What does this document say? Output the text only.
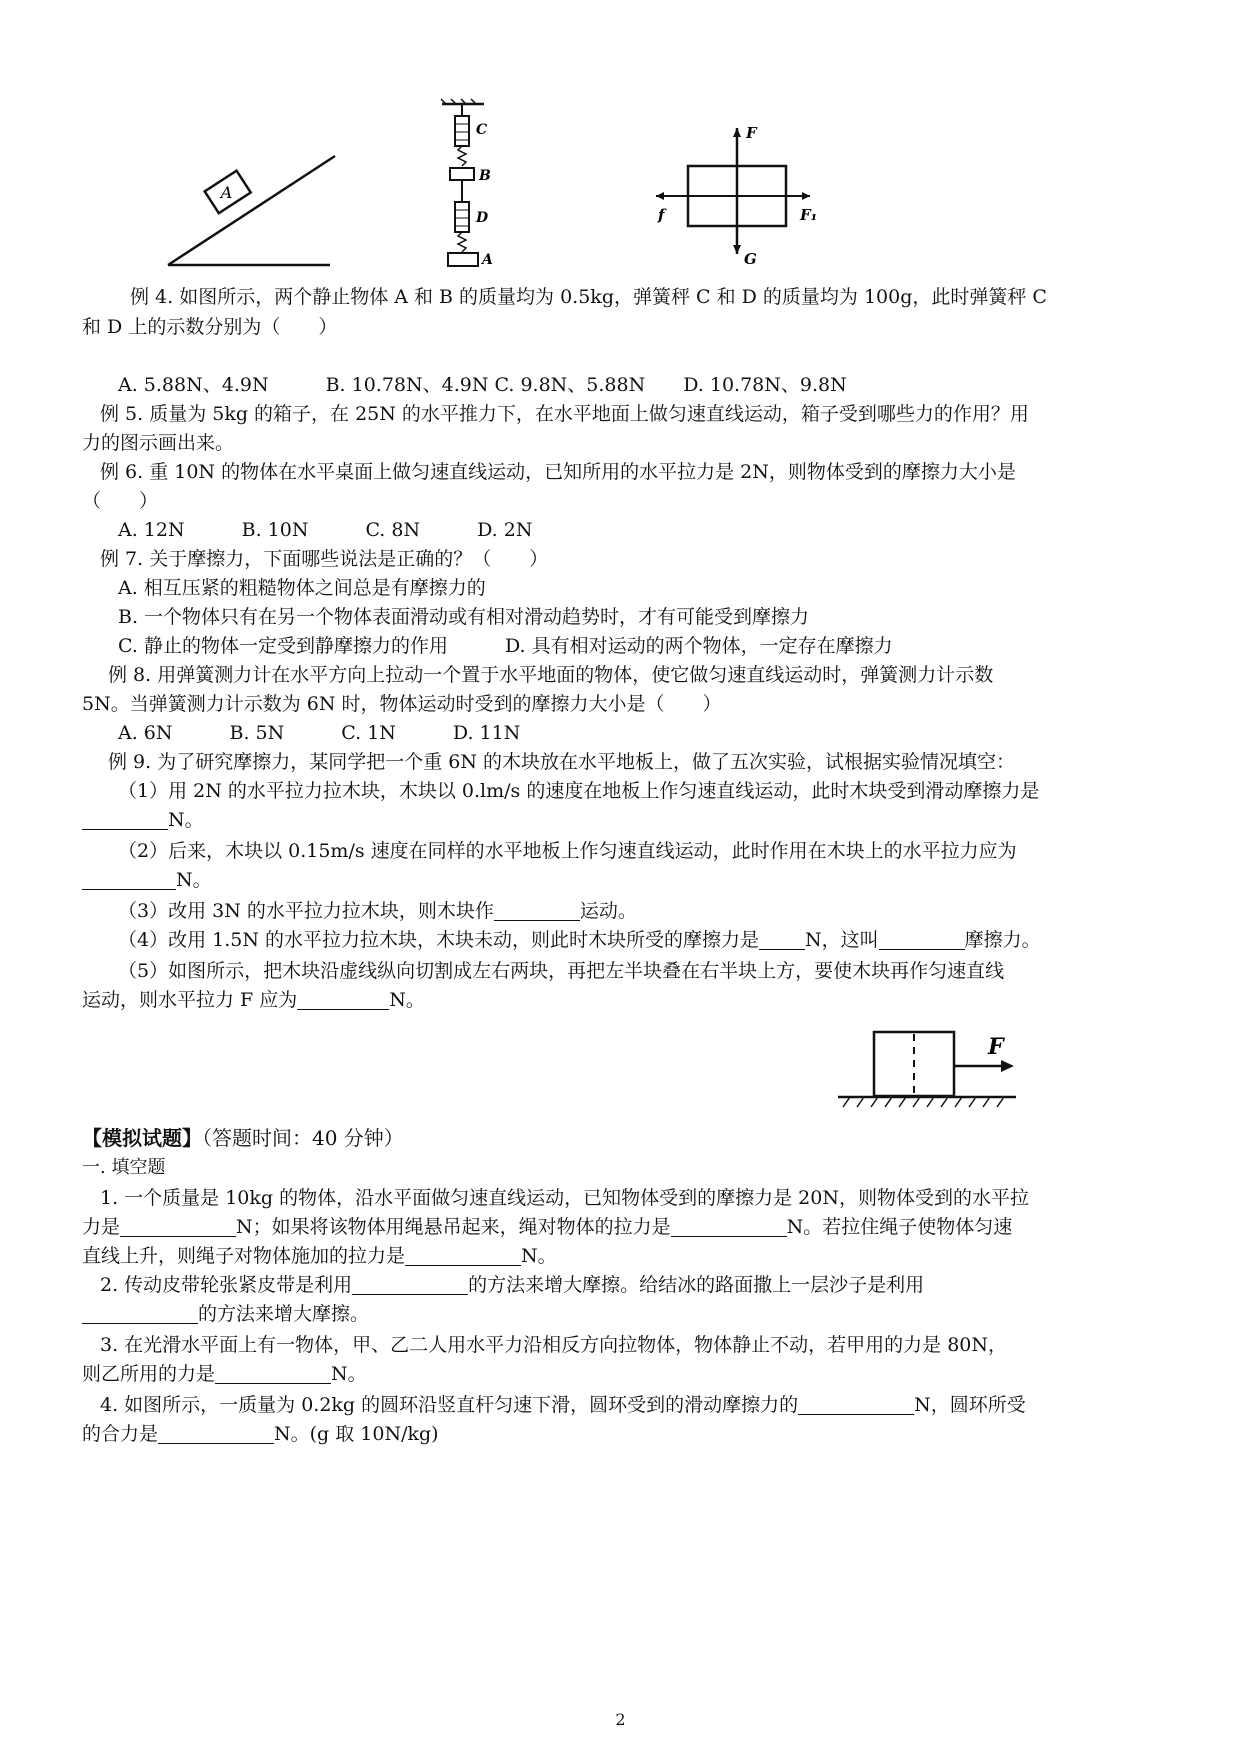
A
C
B
D
A
F
f	F₁
G
例 4. 如图所示，两个静止物体 A 和 B 的质量均为 0.5kg，弹簧秤 C 和 D 的质量均为 100g，此时弹簧秤 C
和 D 上的示数分别为（　　）
A. 5.88N、4.9N　　　B. 10.78N、4.9N C. 9.8N、5.88N　　D. 10.78N、9.8N
例 5. 质量为 5kg 的箱子，在 25N 的水平推力下，在水平地面上做匀速直线运动，箱子受到哪些力的作用？用
力的图示画出来。
例 6. 重 10N 的物体在水平桌面上做匀速直线运动，已知所用的水平拉力是 2N，则物体受到的摩擦力大小是
（　　）
A. 12N　　　B. 10N　　　C. 8N　　　D. 2N
例 7. 关于摩擦力，下面哪些说法是正确的？（　　）
A. 相互压紧的粗糙物体之间总是有摩擦力的
B. 一个物体只有在另一个物体表面滑动或有相对滑动趋势时，才有可能受到摩擦力
C. 静止的物体一定受到静摩擦力的作用　　　D. 具有相对运动的两个物体，一定存在摩擦力
例 8. 用弹簧测力计在水平方向上拉动一个置于水平地面的物体，使它做匀速直线运动时，弹簧测力计示数
5N。当弹簧测力计示数为 6N 时，物体运动时受到的摩擦力大小是（　　）
A. 6N　　　B. 5N　　　C. 1N　　　D. 11N
例 9. 为了研究摩擦力，某同学把一个重 6N 的木块放在水平地板上，做了五次实验，试根据实验情况填空：
（1）用 2N 的水平拉力拉木块，木块以 0.lm/s 的速度在地板上作匀速直线运动，此时木块受到滑动摩擦力是
N。
（2）后来，木块以 0.15m/s 速度在同样的水平地板上作匀速直线运动，此时作用在木块上的水平拉力应为
N。
（3）改用 3N 的水平拉力拉木块，则木块作	运动。
（4）改用 1.5N 的水平拉力拉木块，木块未动，则此时木块所受的摩擦力是 N，这叫	摩擦力。
（5）如图所示，把木块沿虚线纵向切割成左右两块，再把左半块叠在右半块上方，要使木块再作匀速直线
运动，则水平拉力 F 应为	N。
F
【模拟试题】（答题时间：40 分钟）
一. 填空题
1. 一个质量是 10kg 的物体，沿水平面做匀速直线运动，已知物体受到的摩擦力是 20N，则物体受到的水平拉
力是	N；如果将该物体用绳悬吊起来，绳对物体的拉力是	N。若拉住绳子使物体匀速
直线上升，则绳子对物体施加的拉力是	N。
2. 传动皮带轮张紧皮带是利用	的方法来增大摩擦。给结冰的路面撒上一层沙子是利用
的方法来增大摩擦。
3. 在光滑水平面上有一物体，甲、乙二人用水平力沿相反方向拉物体，物体静止不动，若甲用的力是 80N，
则乙所用的力是	N。
4. 如图所示，一质量为 0.2kg 的圆环沿竖直杆匀速下滑，圆环受到的滑动摩擦力的	N，圆环所受
的合力是	N。(g 取 10N/kg)
2
